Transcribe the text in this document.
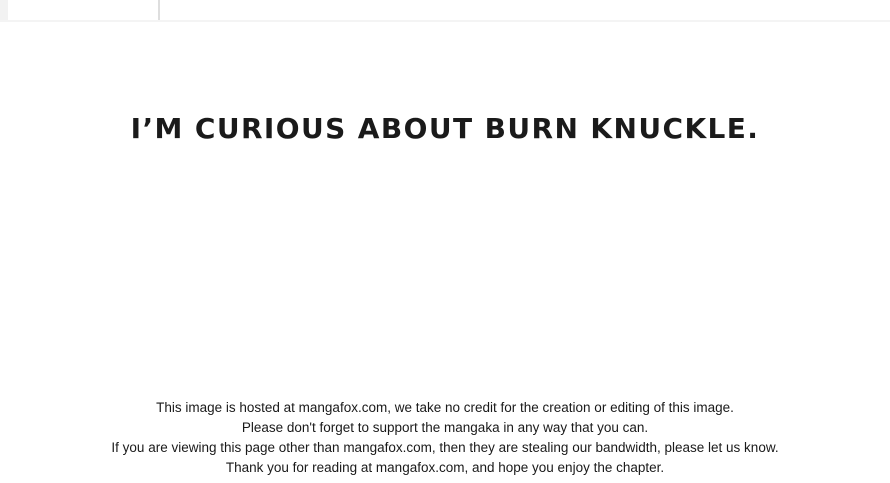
I’M CURIOUS ABOUT BURN KNUCKLE.
This image is hosted at mangafox.com, we take no credit for the creation or editing of this image.
Please don't forget to support the mangaka in any way that you can.
If you are viewing this page other than mangafox.com, then they are stealing our bandwidth, please let us know.
Thank you for reading at mangafox.com, and hope you enjoy the chapter.
